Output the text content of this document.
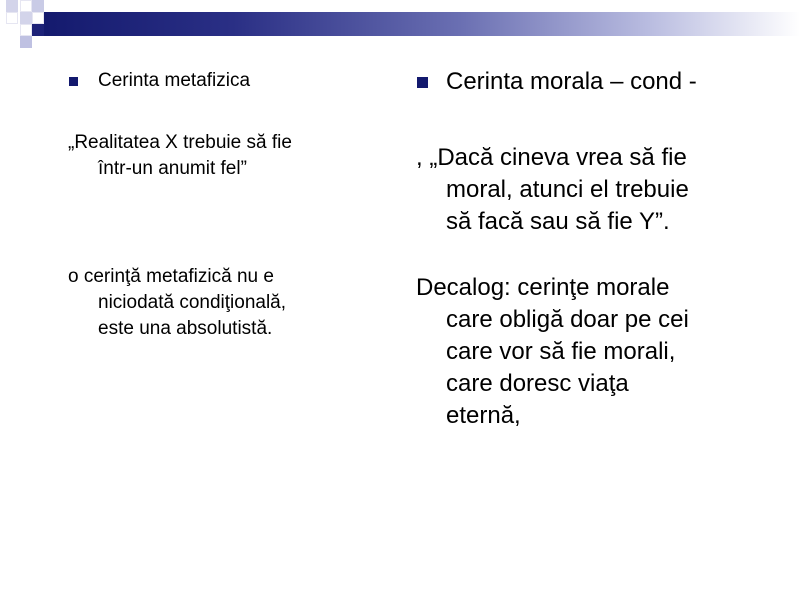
Cerinta metafizica

„Realitatea X trebuie să fie
într-un anumit fel”

o cerinţă metafizică nu e
niciodată condiţională,
este una absolutistă.

Cerinta morala – cond -

, „Dacă cineva vrea să fie
moral, atunci el trebuie
să facă sau să fie Y”.

Decalog: cerinţe morale
care obligă doar pe cei
care vor să fie morali,
care doresc viaţa
eternă,
